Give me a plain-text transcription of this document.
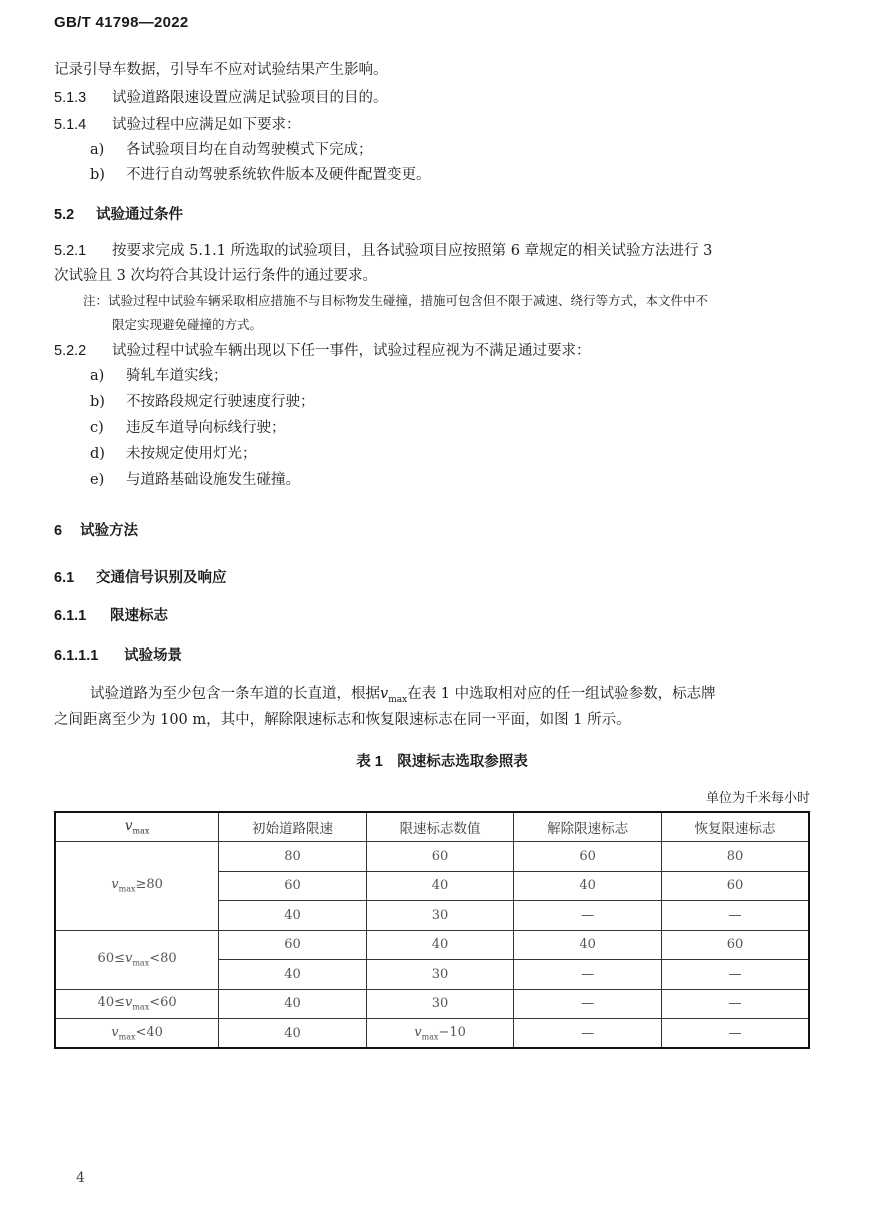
GB/T 41798—2022
记录引导车数据，引导车不应对试验结果产生影响。
5.1.3 试验道路限速设置应满足试验项目的目的。
5.1.4 试验过程中应满足如下要求：
a) 各试验项目均在自动驾驶模式下完成；
b) 不进行自动驾驶系统软件版本及硬件配置变更。
5.2 试验通过条件
5.2.1 按要求完成 5.1.1 所选取的试验项目，且各试验项目应按照第 6 章规定的相关试验方法进行 3
次试验且 3 次均符合其设计运行条件的通过要求。
注：试验过程中试验车辆采取相应措施不与目标物发生碰撞，措施可包含但不限于减速、绕行等方式，本文件中不
限定实现避免碰撞的方式。
5.2.2 试验过程中试验车辆出现以下任一事件，试验过程应视为不满足通过要求：
a) 骑轧车道实线；
b) 不按路段规定行驶速度行驶；
c) 违反车道导向标线行驶；
d) 未按规定使用灯光；
e) 与道路基础设施发生碰撞。
6 试验方法
6.1 交通信号识别及响应
6.1.1 限速标志
6.1.1.1 试验场景
试验道路为至少包含一条车道的长直道，根据$v_{max}$在表 1 中选取相对应的任一组试验参数，标志牌
之间距离至少为 100 m，其中，解除限速标志和恢复限速标志在同一平面，如图 1 所示。
表 1　限速标志选取参照表
单位为千米每小时
$v_{max}$	初始道路限速	限速标志数值	解除限速标志	恢复限速标志
$v_{max}\ge 80$	80	60	60	80
	60	40	40	60
	40	30	—	—
$60\le v_{max}<80$	60	40	40	60
	40	30	—	—
$40\le v_{max}<60$	40	30	—	—
$v_{max}<40$	40	$v_{max}-10$	—	—
4
